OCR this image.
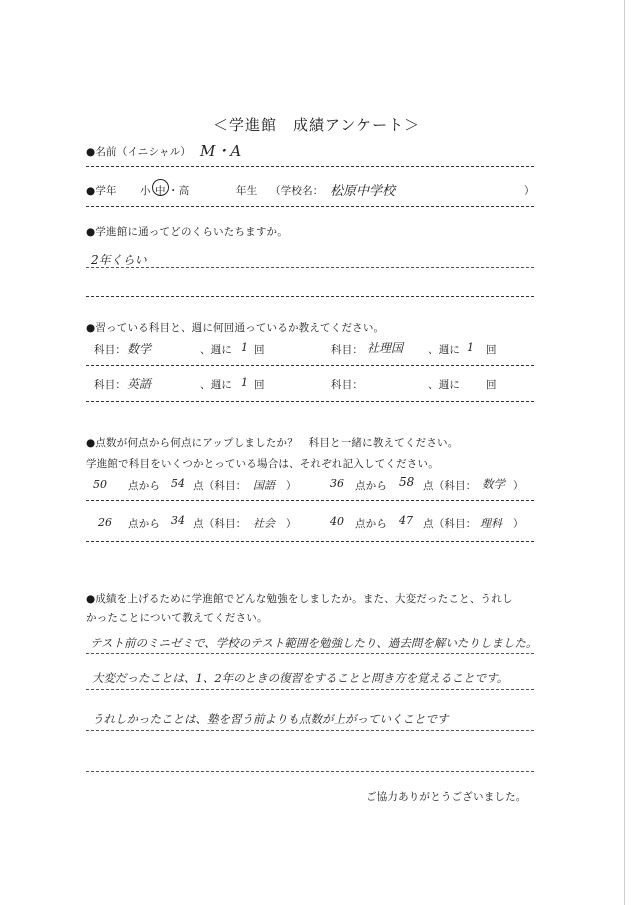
＜学進館　成績アンケート＞
●名前（イニシャル） M・A
●学年 小 中 ・高	年生 （学校名： 松原中学校	）
●学進館に通ってどのくらいたちますか。
2年くらい
●習っている科目と、週に何回通っているか教えてください。
科目： 数学	、週に 1 回	科目： 社理国 、週に 1 回
科目： 英語	、週に 1 回	科目：	、週に 回
●点数が何点から何点にアップしましたか？　科目と一緒に教えてください。
学進館で科目をいくつかとっている場合は、それぞれ記入してください。
50 点から 54 点（科目： 国語 ）	36 点から 58 点（科目： 数学 ）
26 点から 34 点（科目： 社会 ）	40 点から 47 点（科目： 理科 ）
●成績を上げるために学進館でどんな勉強をしましたか。また、大変だったこと、うれし
かったことについて教えてください。
テスト前のミニゼミで、学校のテスト範囲を勉強したり、過去問を解いたりしました。
大変だったことは、1、2年のときの復習をすることと問き方を覚えることです。
うれしかったことは、塾を習う前よりも点数が上がっていくことです
ご協力ありがとうございました。
